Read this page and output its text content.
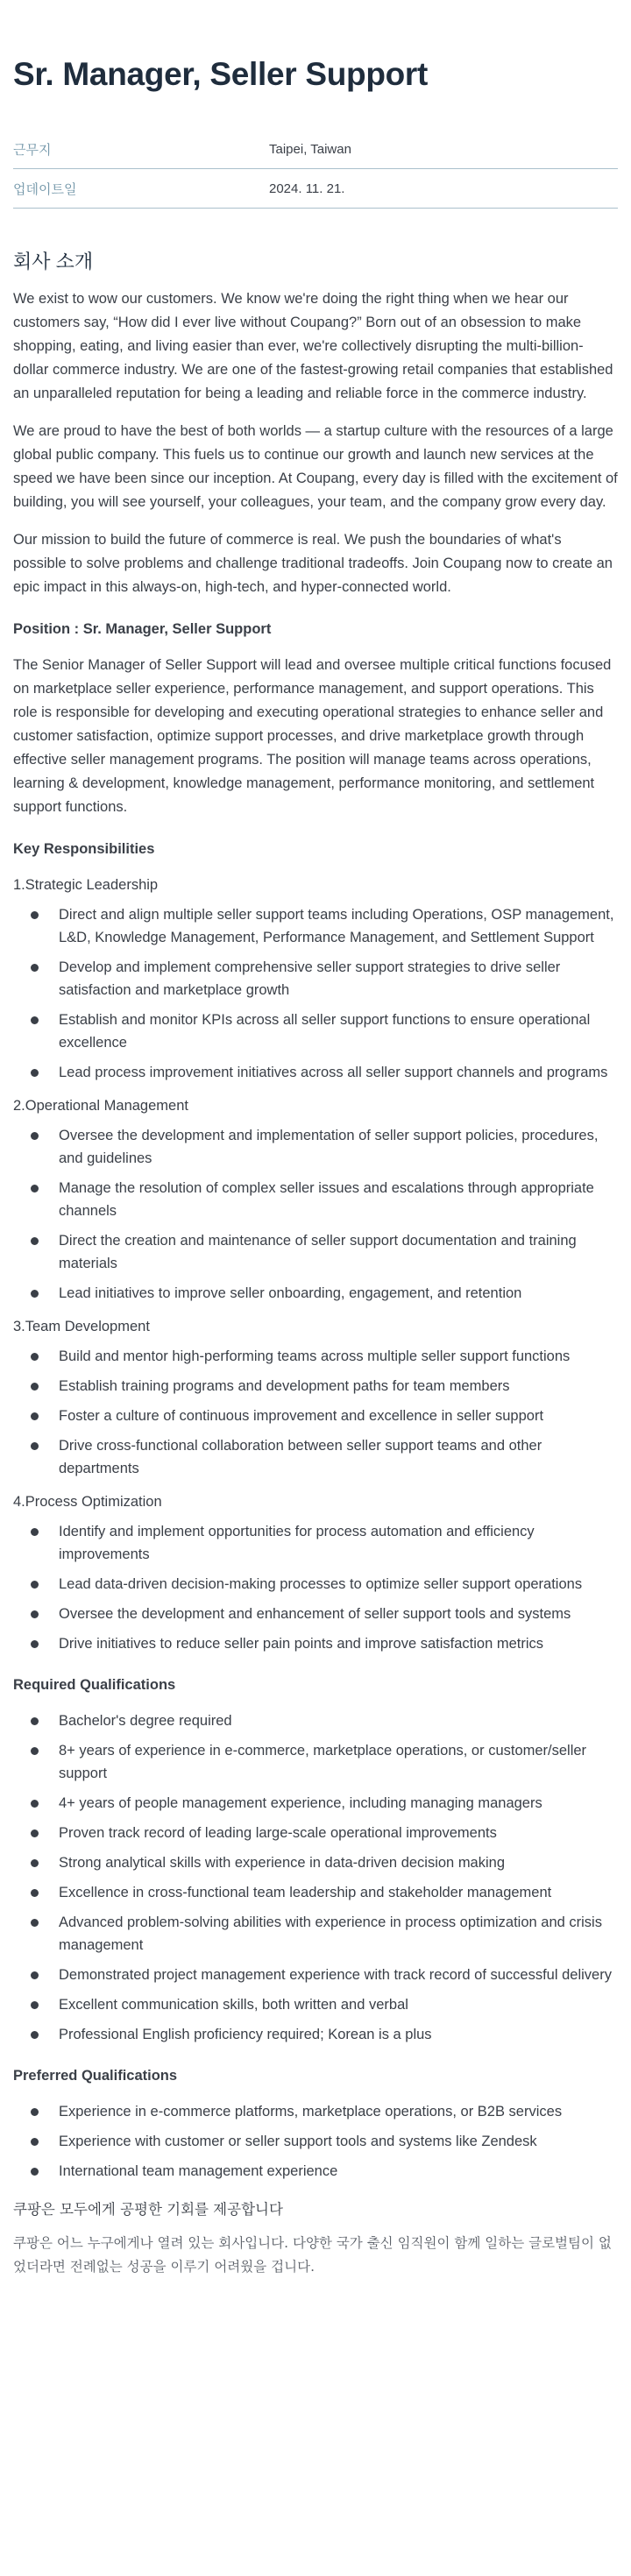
Sr. Manager, Seller Support
근무지	Taipei, Taiwan
업데이트일	2024. 11. 21.
회사 소개

We exist to wow our customers. We know we're doing the right thing when we hear our customers say, “How did I ever live without Coupang?” Born out of an obsession to make shopping, eating, and living easier than ever, we're collectively disrupting the multi-billion-dollar commerce industry. We are one of the fastest-growing retail companies that established an unparalleled reputation for being a leading and reliable force in the commerce industry.

We are proud to have the best of both worlds — a startup culture with the resources of a large global public company. This fuels us to continue our growth and launch new services at the speed we have been since our inception. At Coupang, every day is filled with the excitement of building, you will see yourself, your colleagues, your team, and the company grow every day.

Our mission to build the future of commerce is real. We push the boundaries of what's possible to solve problems and challenge traditional tradeoffs. Join Coupang now to create an epic impact in this always-on, high-tech, and hyper-connected world.

Position : Sr. Manager, Seller Support

The Senior Manager of Seller Support will lead and oversee multiple critical functions focused on marketplace seller experience, performance management, and support operations. This role is responsible for developing and executing operational strategies to enhance seller and customer satisfaction, optimize support processes, and drive marketplace growth through effective seller management programs. The position will manage teams across operations, learning & development, knowledge management, performance monitoring, and settlement support functions.

Key Responsibilities
1.Strategic Leadership
Direct and align multiple seller support teams including Operations, OSP management, L&D, Knowledge Management, Performance Management, and Settlement Support
Develop and implement comprehensive seller support strategies to drive seller satisfaction and marketplace growth
Establish and monitor KPIs across all seller support functions to ensure operational excellence
Lead process improvement initiatives across all seller support channels and programs
2.Operational Management
Oversee the development and implementation of seller support policies, procedures, and guidelines
Manage the resolution of complex seller issues and escalations through appropriate channels
Direct the creation and maintenance of seller support documentation and training materials
Lead initiatives to improve seller onboarding, engagement, and retention
3.Team Development
Build and mentor high-performing teams across multiple seller support functions
Establish training programs and development paths for team members
Foster a culture of continuous improvement and excellence in seller support
Drive cross-functional collaboration between seller support teams and other departments
4.Process Optimization
Identify and implement opportunities for process automation and efficiency improvements
Lead data-driven decision-making processes to optimize seller support operations
Oversee the development and enhancement of seller support tools and systems
Drive initiatives to reduce seller pain points and improve satisfaction metrics
Required Qualifications
Bachelor's degree required
8+ years of experience in e-commerce, marketplace operations, or customer/seller support
4+ years of people management experience, including managing managers
Proven track record of leading large-scale operational improvements
Strong analytical skills with experience in data-driven decision making
Excellence in cross-functional team leadership and stakeholder management
Advanced problem-solving abilities with experience in process optimization and crisis management
Demonstrated project management experience with track record of successful delivery
Excellent communication skills, both written and verbal
Professional English proficiency required; Korean is a plus
Preferred Qualifications
Experience in e-commerce platforms, marketplace operations, or B2B services
Experience with customer or seller support tools and systems like Zendesk
International team management experience
쿠팡은 모두에게 공평한 기회를 제공합니다

쿠팡은 어느 누구에게나 열려 있는 회사입니다. 다양한 국가 출신 임직원이 함께 일하는 글로벌팀이 없었더라면 전례없는 성공을 이루기 어려웠을 겁니다.
